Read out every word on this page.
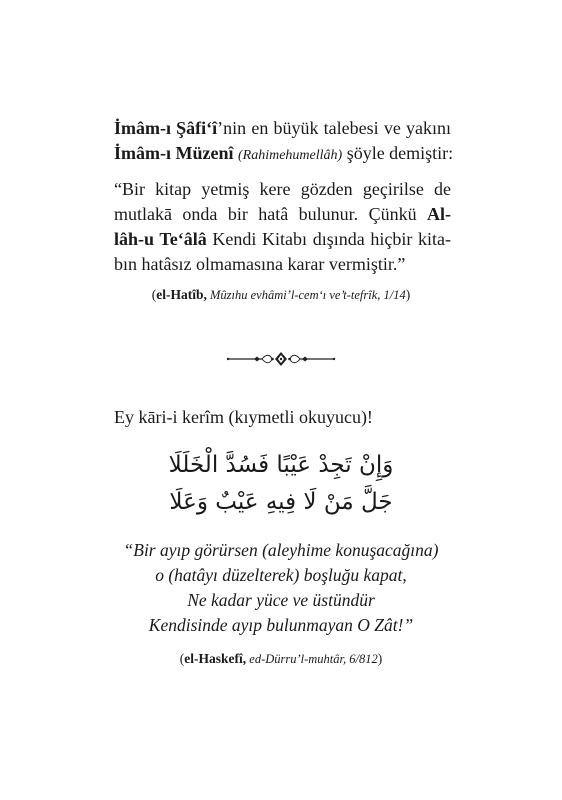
İmâm-ı Şâfi‘î’nin en büyük talebesi ve yakını
İmâm-ı Müzenî (Rahimehumellâh) şöyle demiştir:
“Bir kitap yetmiş kere gözden geçirilse de
mutlakā onda bir hatâ bulunur. Çünkü Al-
lâh-u Te‘âlâ Kendi Kitabı dışında hiçbir kita-
bın hatâsız olmamasına karar vermiştir.”
(el-Hatîb, Mûzıhu evhâmi’l-cem‘ı ve’t-tefrîk, 1/14)
Ey kāri-i kerîm (kıymetli okuyucu)!
وَإِنْ تَجِدْ عَيْبًا فَسُدَّ الْخَلَلَا
جَلَّ مَنْ لَا فِيهِ عَيْبٌ وَعَلَا
“Bir ayıp görürsen (aleyhime konuşacağına)
o (hatâyı düzelterek) boşluğu kapat,
Ne kadar yüce ve üstündür
Kendisinde ayıp bulunmayan O Zât!”
(el-Haskefî, ed-Dürru’l-muhtâr, 6/812)
